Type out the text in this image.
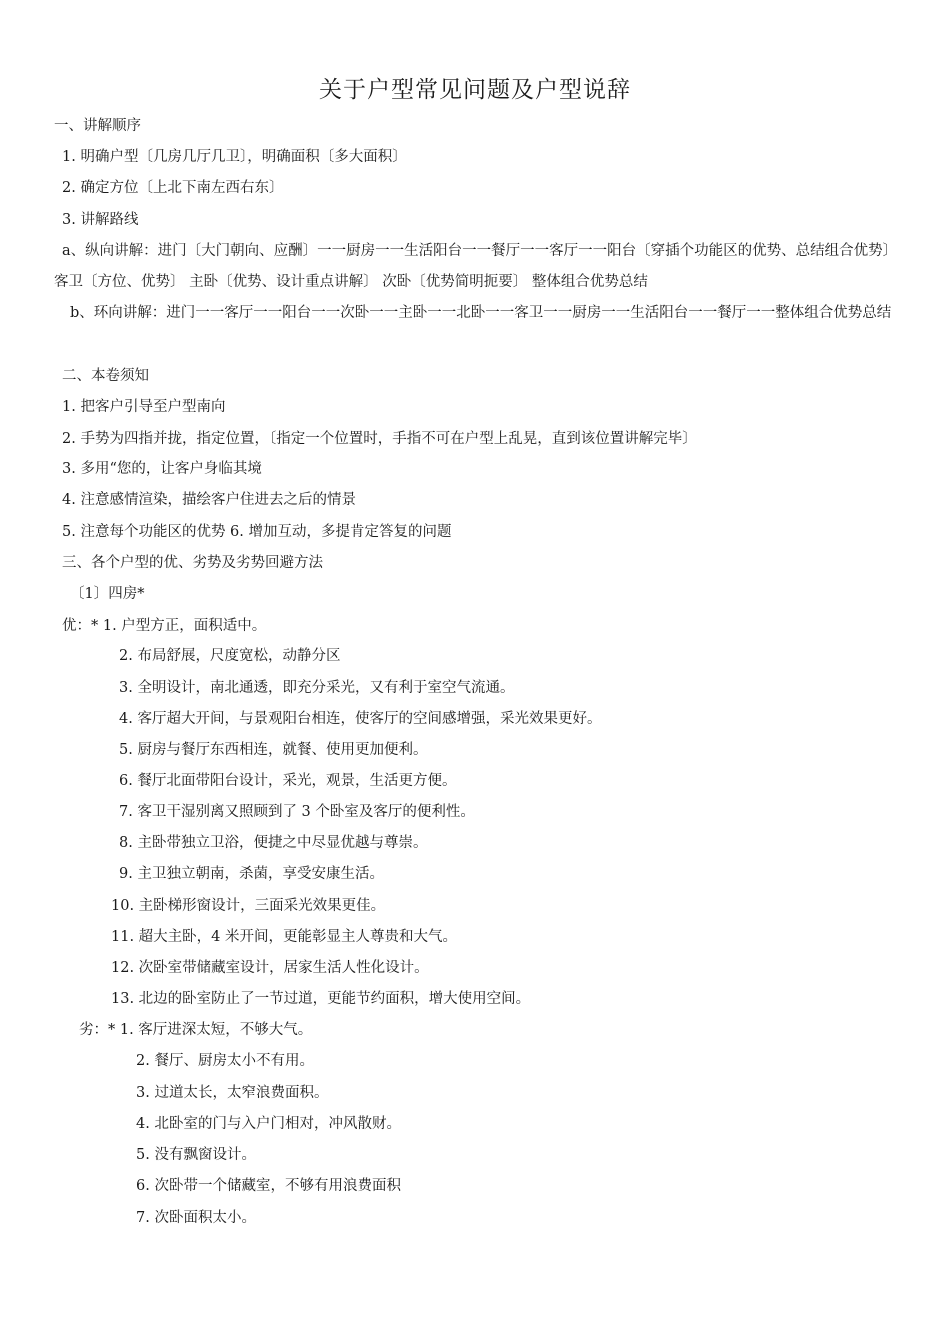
关于户型常见问题及户型说辞
一、讲解顺序
1. 明确户型〔几房几厅几卫〕，明确面积〔多大面积〕
2. 确定方位〔上北下南左西右东〕
3. 讲解路线
a、纵向讲解：进门〔大门朝向、应酬〕一一厨房一一生活阳台一一餐厅一一客厅一一阳台〔穿插个功能区的优势、总结组合优势〕 客卫〔方位、优势〕 主卧〔优势、设计重点讲解〕 次卧〔优势简明扼要〕 整体组合优势总结
b、环向讲解：进门一一客厅一一阳台一一次卧一一主卧一一北卧一一客卫一一厨房一一生活阳台一一餐厅一一整体组合优势总结
二、本卷须知
1. 把客户引导至户型南向
2. 手势为四指并拢，指定位置，〔指定一个位置时，手指不可在户型上乱晃，直到该位置讲解完毕〕
3. 多用“您的，让客户身临其境
4. 注意感情渲染，描绘客户住进去之后的情景
5. 注意每个功能区的优势 6. 增加互动，多提肯定答复的问题
三、各个户型的优、劣势及劣势回避方法
〔1〕四房*
优：* 1. 户型方正，面积适中。
2. 布局舒展，尺度宽松，动静分区
3. 全明设计，南北通透，即充分采光，又有利于室空气流通。
4. 客厅超大开间，与景观阳台相连，使客厅的空间感增强，采光效果更好。
5. 厨房与餐厅东西相连，就餐、使用更加便利。
6. 餐厅北面带阳台设计，采光，观景，生活更方便。
7. 客卫干湿别离又照顾到了 3 个卧室及客厅的便利性。
8. 主卧带独立卫浴，便捷之中尽显优越与尊崇。
9. 主卫独立朝南，杀菌，享受安康生活。
10. 主卧梯形窗设计，三面采光效果更佳。
11. 超大主卧，4 米开间，更能彰显主人尊贵和大气。
12. 次卧室带储藏室设计，居家生活人性化设计。
13. 北边的卧室防止了一节过道，更能节约面积，增大使用空间。
劣：* 1. 客厅进深太短，不够大气。
2. 餐厅、厨房太小不有用。
3. 过道太长，太窄浪费面积。
4. 北卧室的门与入户门相对，冲风散财。
5. 没有飘窗设计。
6. 次卧带一个储藏室，不够有用浪费面积
7. 次卧面积太小。
